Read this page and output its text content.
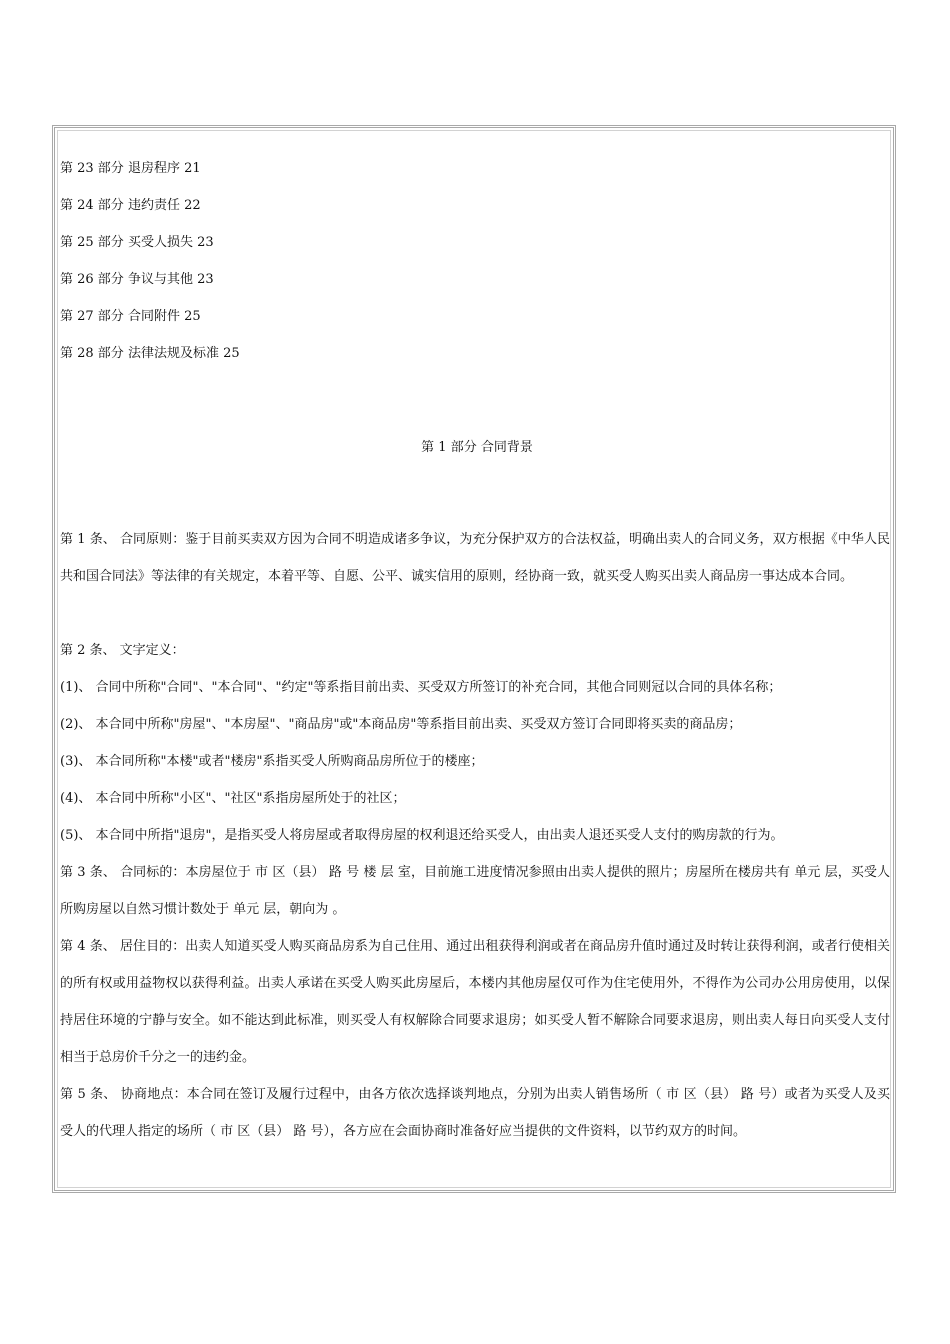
第 23 部分 退房程序 21
第 24 部分 违约责任 22
第 25 部分 买受人损失 23
第 26 部分 争议与其他 23
第 27 部分 合同附件 25
第 28 部分 法律法规及标准 25
第 1 部分 合同背景
第 1 条、 合同原则：鉴于目前买卖双方因为合同不明造成诸多争议，为充分保护双方的合法权益，明确出卖人的合同义务，双方根据《中华人民共和国合同法》等法律的有关规定，本着平等、自愿、公平、诚实信用的原则，经协商一致，就买受人购买出卖人商品房一事达成本合同。
第 2 条、 文字定义：
(1)、 合同中所称"合同"、"本合同"、"约定"等系指目前出卖、买受双方所签订的补充合同，其他合同则冠以合同的具体名称；
(2)、 本合同中所称"房屋"、"本房屋"、"商品房"或"本商品房"等系指目前出卖、买受双方签订合同即将买卖的商品房；
(3)、 本合同所称"本楼"或者"楼房"系指买受人所购商品房所位于的楼座；
(4)、 本合同中所称"小区"、"社区"系指房屋所处于的社区；
(5)、 本合同中所指"退房"，是指买受人将房屋或者取得房屋的权利退还给买受人，由出卖人退还买受人支付的购房款的行为。
第 3 条、 合同标的：本房屋位于 市 区（县） 路 号 楼 层 室，目前施工进度情况参照由出卖人提供的照片；房屋所在楼房共有 单元 层，买受人所购房屋以自然习惯计数处于 单元 层，朝向为 。
第 4 条、 居住目的：出卖人知道买受人购买商品房系为自己住用、通过出租获得利润或者在商品房升值时通过及时转让获得利润，或者行使相关的所有权或用益物权以获得利益。出卖人承诺在买受人购买此房屋后，本楼内其他房屋仅可作为住宅使用外，不得作为公司办公用房使用，以保持居住环境的宁静与安全。如不能达到此标准，则买受人有权解除合同要求退房；如买受人暂不解除合同要求退房，则出卖人每日向买受人支付相当于总房价千分之一的违约金。
第 5 条、 协商地点：本合同在签订及履行过程中，由各方依次选择谈判地点，分别为出卖人销售场所（ 市 区（县） 路 号）或者为买受人及买受人的代理人指定的场所（ 市 区（县） 路 号），各方应在会面协商时准备好应当提供的文件资料，以节约双方的时间。
